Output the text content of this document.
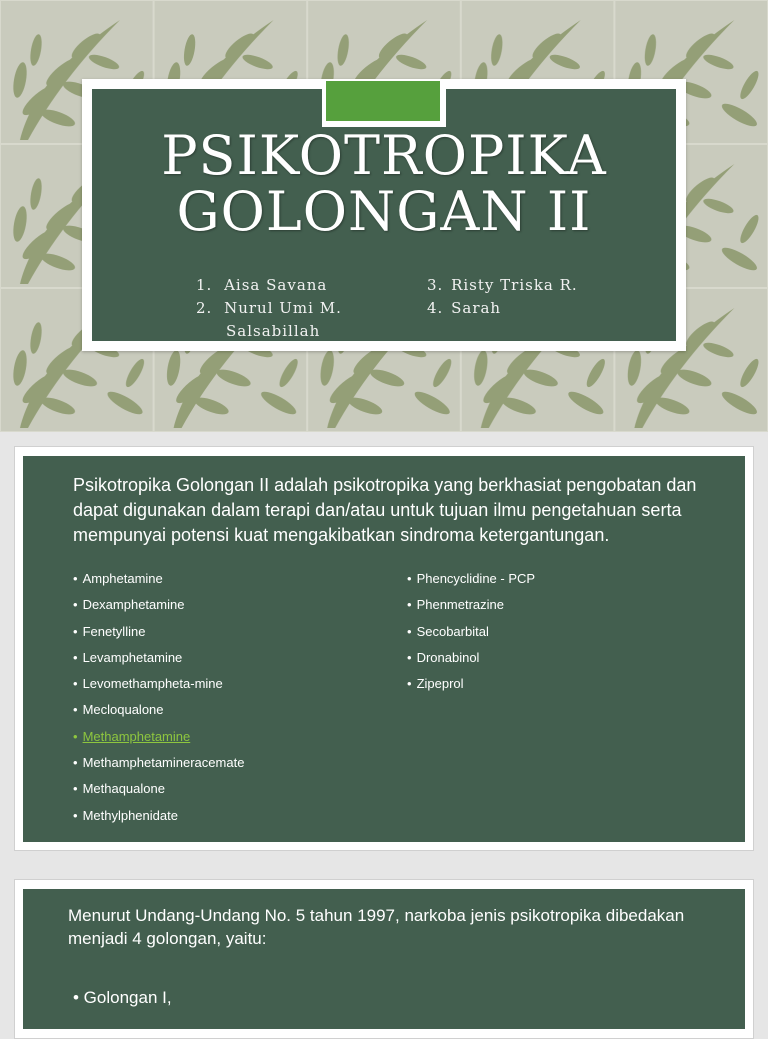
PSIKOTROPIKA
GOLONGAN II
1. Aisa Savana
2. Nurul Umi M.
Salsabillah
3. Risty Triska R.
4. Sarah
Psikotropika Golongan II adalah psikotropika yang berkhasiat pengobatan dan dapat digunakan dalam terapi dan/atau untuk tujuan ilmu pengetahuan serta mempunyai potensi kuat mengakibatkan sindroma ketergantungan.
• Amphetamine
• Dexamphetamine
• Fenetylline
• Levamphetamine
• Levomethampheta-mine
• Mecloqualone
• Methamphetamine
• Methamphetamineracemate
• Methaqualone
• Methylphenidate
• Phencyclidine - PCP
• Phenmetrazine
• Secobarbital
• Dronabinol
• Zipeprol
Menurut Undang-Undang No. 5 tahun 1997, narkoba jenis psikotropika dibedakan menjadi 4 golongan, yaitu:
• Golongan I,
